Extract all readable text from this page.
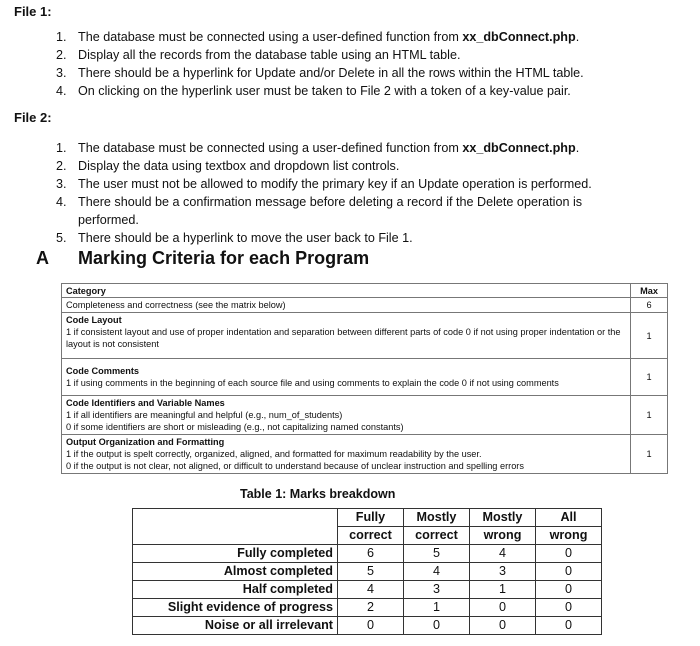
File 1:
1. The database must be connected using a user-defined function from xx_dbConnect.php.
2. Display all the records from the database table using an HTML table.
3. There should be a hyperlink for Update and/or Delete in all the rows within the HTML table.
4. On clicking on the hyperlink user must be taken to File 2 with a token of a key-value pair.
File 2:
1. The database must be connected using a user-defined function from xx_dbConnect.php.
2. Display the data using textbox and dropdown list controls.
3. The user must not be allowed to modify the primary key if an Update operation is performed.
4. There should be a confirmation message before deleting a record if the Delete operation is
performed.
5. There should be a hyperlink to move the user back to File 1.
A Marking Criteria for each Program
Category	Max
Completeness and correctness (see the matrix below)	6

Code Layout
1 if consistent layout and use of proper indentation and separation between different parts of code 0 if not using proper indentation or the layout is not consistent	1

Code Comments
1 if using comments in the beginning of each source file and using comments to explain the code 0 if not using comments	1

Code Identifiers and Variable Names
1 if all identifiers are meaningful and helpful (e.g., num_of_students)
0 if some identifiers are short or misleading (e.g., not capitalizing named constants)	1

Output Organization and Formatting
1 if the output is spelt correctly, organized, aligned, and formatted for maximum readability by the user.
0 if the output is not clear, not aligned, or difficult to understand because of unclear instruction and spelling errors	1
Table 1: Marks breakdown
	Fully	Mostly	Mostly	All
	correct	correct	wrong	wrong
Fully completed	6	5	4	0
Almost completed	5	4	3	0
Half completed	4	3	1	0
Slight evidence of progress	2	1	0	0
Noise or all irrelevant	0	0	0	0
